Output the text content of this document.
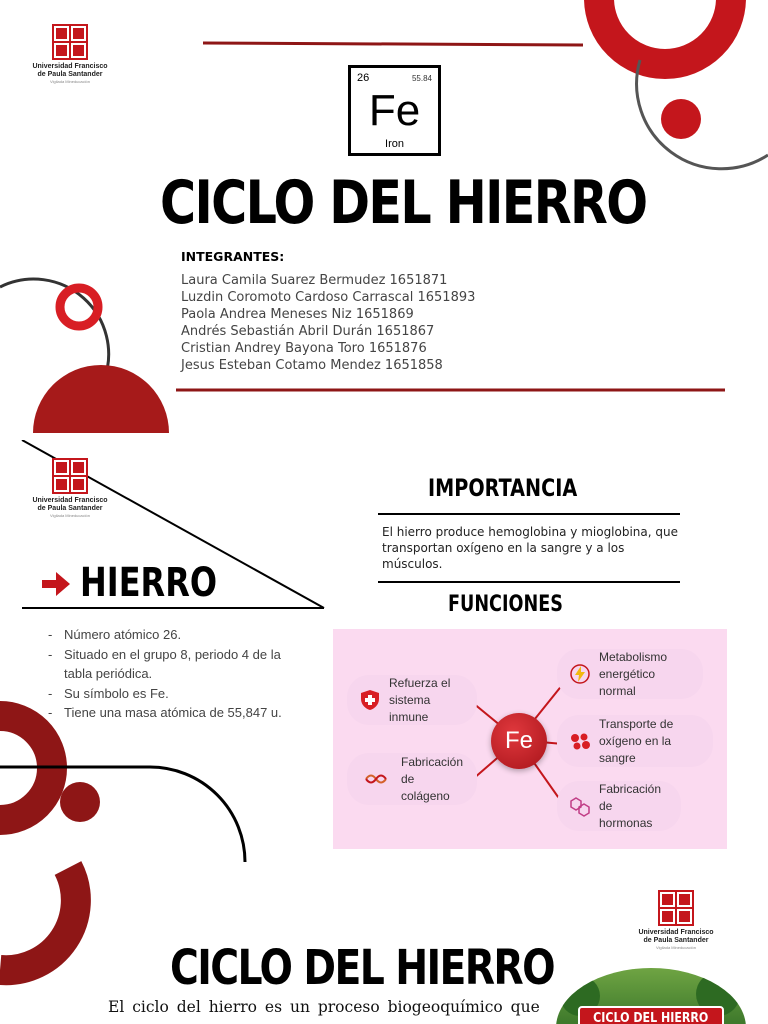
Universidad Francisco
de Paula Santander
Vigilada Mineducación	26	55.84
Fe
Iron
CICLO DEL HIERRO
INTEGRANTES:
Laura Camila Suarez Bermudez 1651871
Luzdin Coromoto Cardoso Carrascal 1651893
Paola Andrea Meneses Niz 1651869
Andrés Sebastián Abril Durán 1651867
Cristian Andrey Bayona Toro 1651876
Jesus Esteban Cotamo Mendez 1651858
Universidad Francisco
de Paula Santander
Vigilada Mineducación
HIERRO
- Número atómico 26.
- Situado en el grupo 8, periodo 4 de la tabla periódica.
- Su símbolo es Fe.
- Tiene una masa atómica de 55,847 u.
IMPORTANCIA
El hierro produce hemoglobina y mioglobina, que transportan oxígeno en la sangre y a los músculos.
FUNCIONES
Fe
Refuerza el sistema inmune
Fabricación de colágeno
Metabolismo energético normal
Transporte de oxígeno en la sangre
Fabricación de hormonas
Universidad Francisco
de Paula Santander
Vigilada Mineducación
CICLO DEL HIERRO
El ciclo del hierro es un proceso biogeoquímico que
CICLO DEL HIERRO
